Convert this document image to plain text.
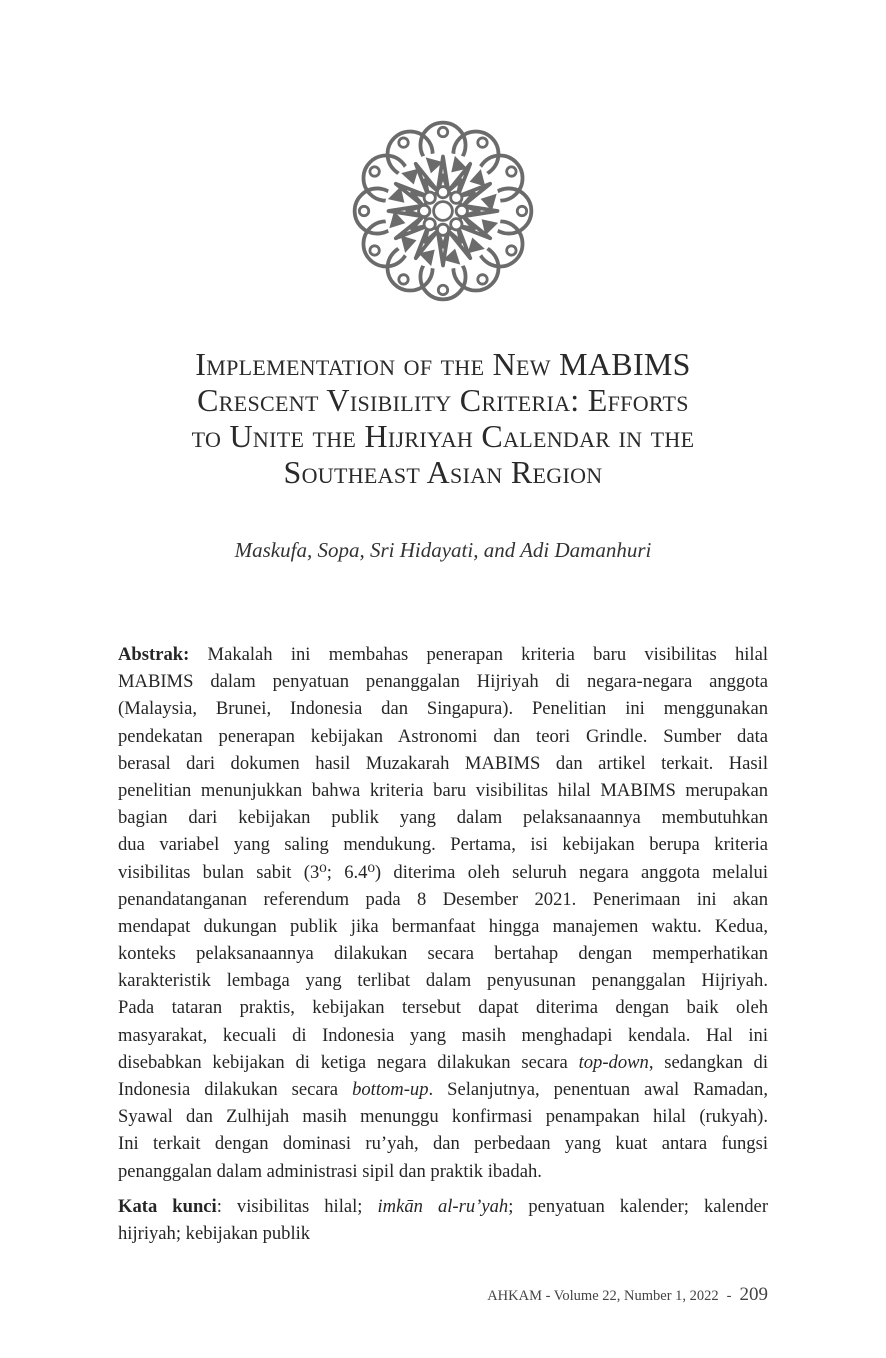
Implementation of the New MABIMS
Crescent Visibility Criteria: Efforts
to Unite the Hijriyah Calendar in the
Southeast Asian Region
Maskufa, Sopa, Sri Hidayati, and Adi Damanhuri
Abstrak: Makalah ini membahas penerapan kriteria baru visibilitas hilal
MABIMS dalam penyatuan penanggalan Hijriyah di negara-negara anggota
(Malaysia, Brunei, Indonesia dan Singapura). Penelitian ini menggunakan
pendekatan penerapan kebijakan Astronomi dan teori Grindle. Sumber data
berasal dari dokumen hasil Muzakarah MABIMS dan artikel terkait. Hasil
penelitian menunjukkan bahwa kriteria baru visibilitas hilal MABIMS merupakan
bagian dari kebijakan publik yang dalam pelaksanaannya membutuhkan
dua variabel yang saling mendukung. Pertama, isi kebijakan berupa kriteria
visibilitas bulan sabit (3⁰; 6.4⁰) diterima oleh seluruh negara anggota melalui
penandatanganan referendum pada 8 Desember 2021. Penerimaan ini akan
mendapat dukungan publik jika bermanfaat hingga manajemen waktu. Kedua,
konteks pelaksanaannya dilakukan secara bertahap dengan memperhatikan
karakteristik lembaga yang terlibat dalam penyusunan penanggalan Hijriyah.
Pada tataran praktis, kebijakan tersebut dapat diterima dengan baik oleh
masyarakat, kecuali di Indonesia yang masih menghadapi kendala. Hal ini
disebabkan kebijakan di ketiga negara dilakukan secara top-down, sedangkan di
Indonesia dilakukan secara bottom-up. Selanjutnya, penentuan awal Ramadan,
Syawal dan Zulhijah masih menunggu konfirmasi penampakan hilal (rukyah).
Ini terkait dengan dominasi ru’yah, dan perbedaan yang kuat antara fungsi
penanggalan dalam administrasi sipil dan praktik ibadah.
Kata kunci: visibilitas hilal; imkān al-ru’yah; penyatuan kalender; kalender
hijriyah; kebijakan publik
AHKAM - Volume 22, Number 1, 2022 - 209
